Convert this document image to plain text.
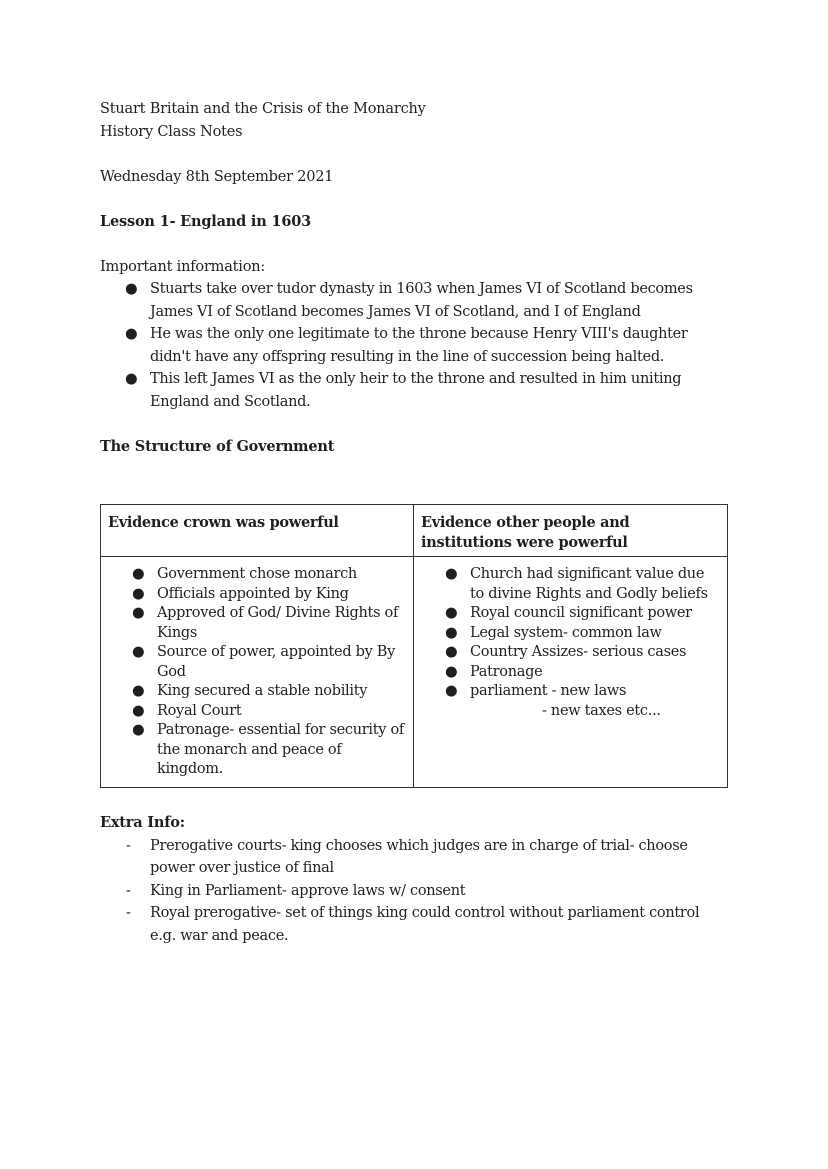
Stuart Britain and the Crisis of the Monarchy
History Class Notes
Wednesday 8th September 2021
Lesson 1- England in 1603
Important information:
● Stuarts take over tudor dynasty in 1603 when James VI of Scotland becomes
James VI of Scotland becomes James VI of Scotland, and I of England
● He was the only one legitimate to the throne because Henry VIII's daughter
didn't have any offspring resulting in the line of succession being halted.
● This left James VI as the only heir to the throne and resulted in him uniting
England and Scotland.
The Structure of Government
Evidence crown was powerful	Evidence other people and institutions were powerful

● Government chose monarch
● Officials appointed by King
● Approved of God/ Divine Rights of Kings
● Source of power, appointed by By God
● King secured a stable nobility
● Royal Court
● Patronage- essential for security of the monarch and peace of kingdom.

● Church had significant value due to divine Rights and Godly beliefs
● Royal council significant power
● Legal system- common law
● Country Assizes- serious cases
● Patronage
● parliament - new laws
- new taxes etc...
Extra Info:
- Prerogative courts- king chooses which judges are in charge of trial- choose
power over justice of final
- King in Parliament- approve laws w/ consent
- Royal prerogative- set of things king could control without parliament control
e.g. war and peace.
